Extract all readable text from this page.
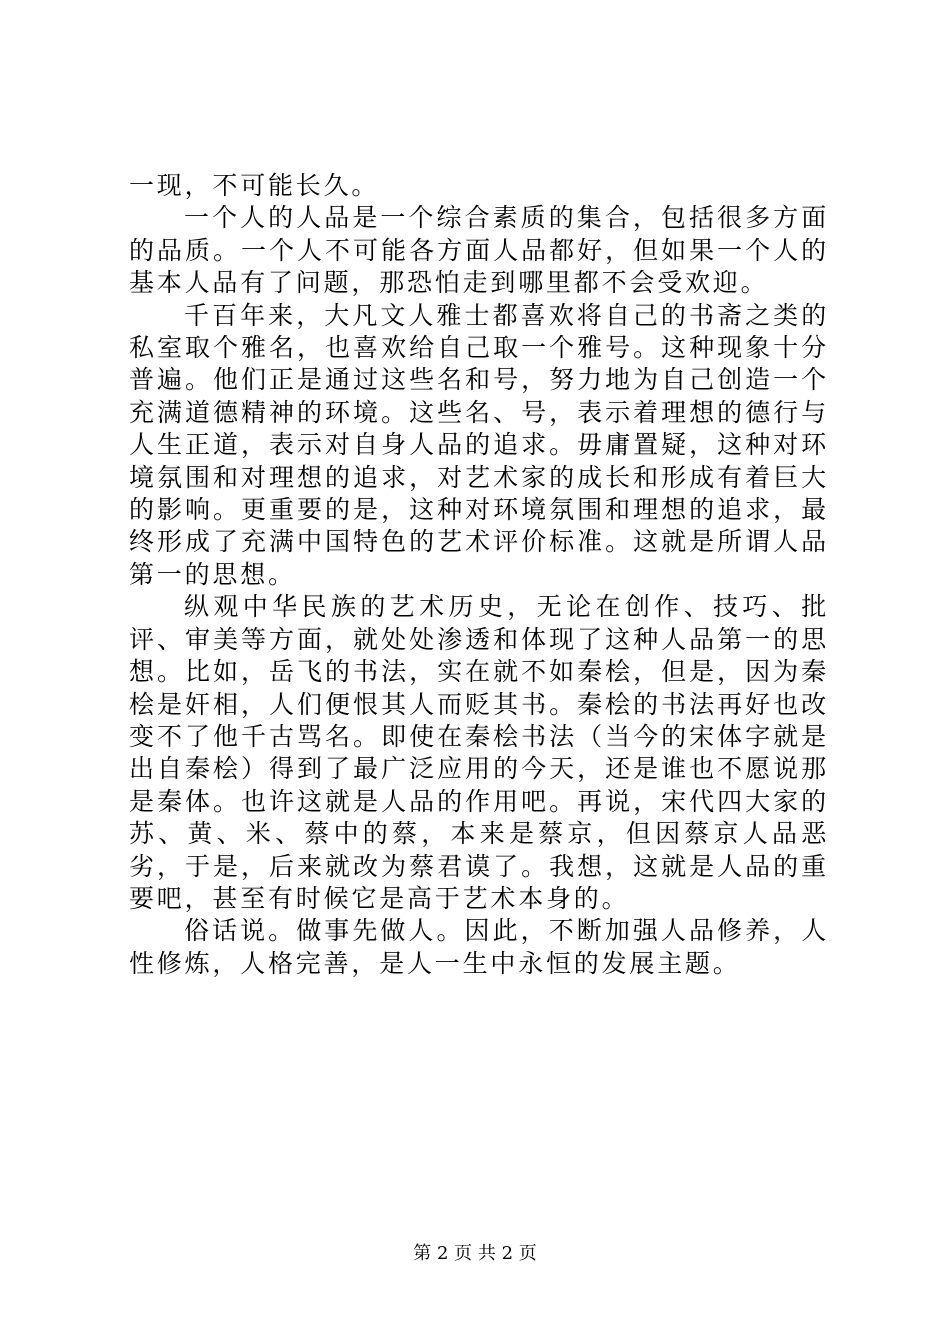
一现，不可能长久。

一个人的人品是一个综合素质的集合，包括很多方面的品质。一个人不可能各方面人品都好，但如果一个人的基本人品有了问题，那恐怕走到哪里都不会受欢迎。

千百年来，大凡文人雅士都喜欢将自己的书斋之类的私室取个雅名，也喜欢给自己取一个雅号。这种现象十分普遍。他们正是通过这些名和号，努力地为自己创造一个充满道德精神的环境。这些名、号，表示着理想的德行与人生正道，表示对自身人品的追求。毋庸置疑，这种对环境氛围和对理想的追求，对艺术家的成长和形成有着巨大的影响。更重要的是，这种对环境氛围和理想的追求，最终形成了充满中国特色的艺术评价标准。这就是所谓人品第一的思想。

纵观中华民族的艺术历史，无论在创作、技巧、批评、审美等方面，就处处渗透和体现了这种人品第一的思想。比如，岳飞的书法，实在就不如秦桧，但是，因为秦桧是奸相，人们便恨其人而贬其书。秦桧的书法再好也改变不了他千古骂名。即使在秦桧书法（当今的宋体字就是出自秦桧）得到了最广泛应用的今天，还是谁也不愿说那是秦体。也许这就是人品的作用吧。再说，宋代四大家的苏、黄、米、蔡中的蔡，本来是蔡京，但因蔡京人品恶劣，于是，后来就改为蔡君谟了。我想，这就是人品的重要吧，甚至有时候它是高于艺术本身的。

俗话说。做事先做人。因此，不断加强人品修养，人性修炼，人格完善，是人一生中永恒的发展主题。

第 2 页 共 2 页
